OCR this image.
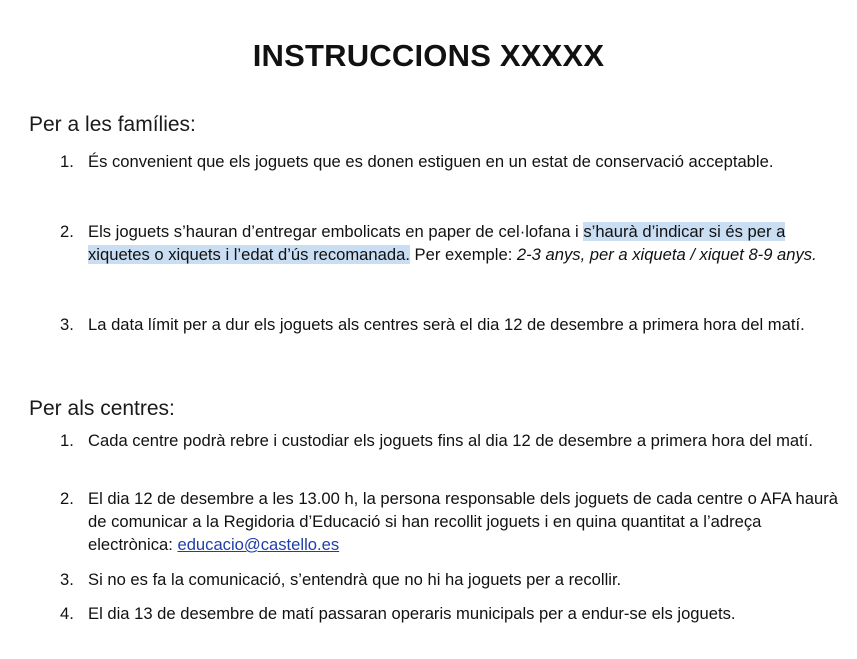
INSTRUCCIONS XXXXX
Per a les famílies:
1. És convenient que els joguets que es donen estiguen en un estat de conservació acceptable.
2. Els joguets s’hauran d’entregar embolicats en paper de cel·lofana i s’haurà d’indicar si és per a xiquetes o xiquets i l’edat d’ús recomanada. Per exemple: 2-3 anys, per a xiqueta / xiquet 8-9 anys.
3. La data límit per a dur els joguets als centres serà el dia 12 de desembre a primera hora del matí.
Per als centres:
1. Cada centre podrà rebre i custodiar els joguets fins al dia 12 de desembre a primera hora del matí.
2. El dia 12 de desembre a les 13.00 h, la persona responsable dels joguets de cada centre o AFA haurà de comunicar a la Regidoria d’Educació si han recollit joguets i en quina quantitat a l’adreça electrònica: educacio@castello.es
3. Si no es fa la comunicació, s’entendrà que no hi ha joguets per a recollir.
4. El dia 13 de desembre de matí passaran operaris municipals per a endur-se els joguets.
